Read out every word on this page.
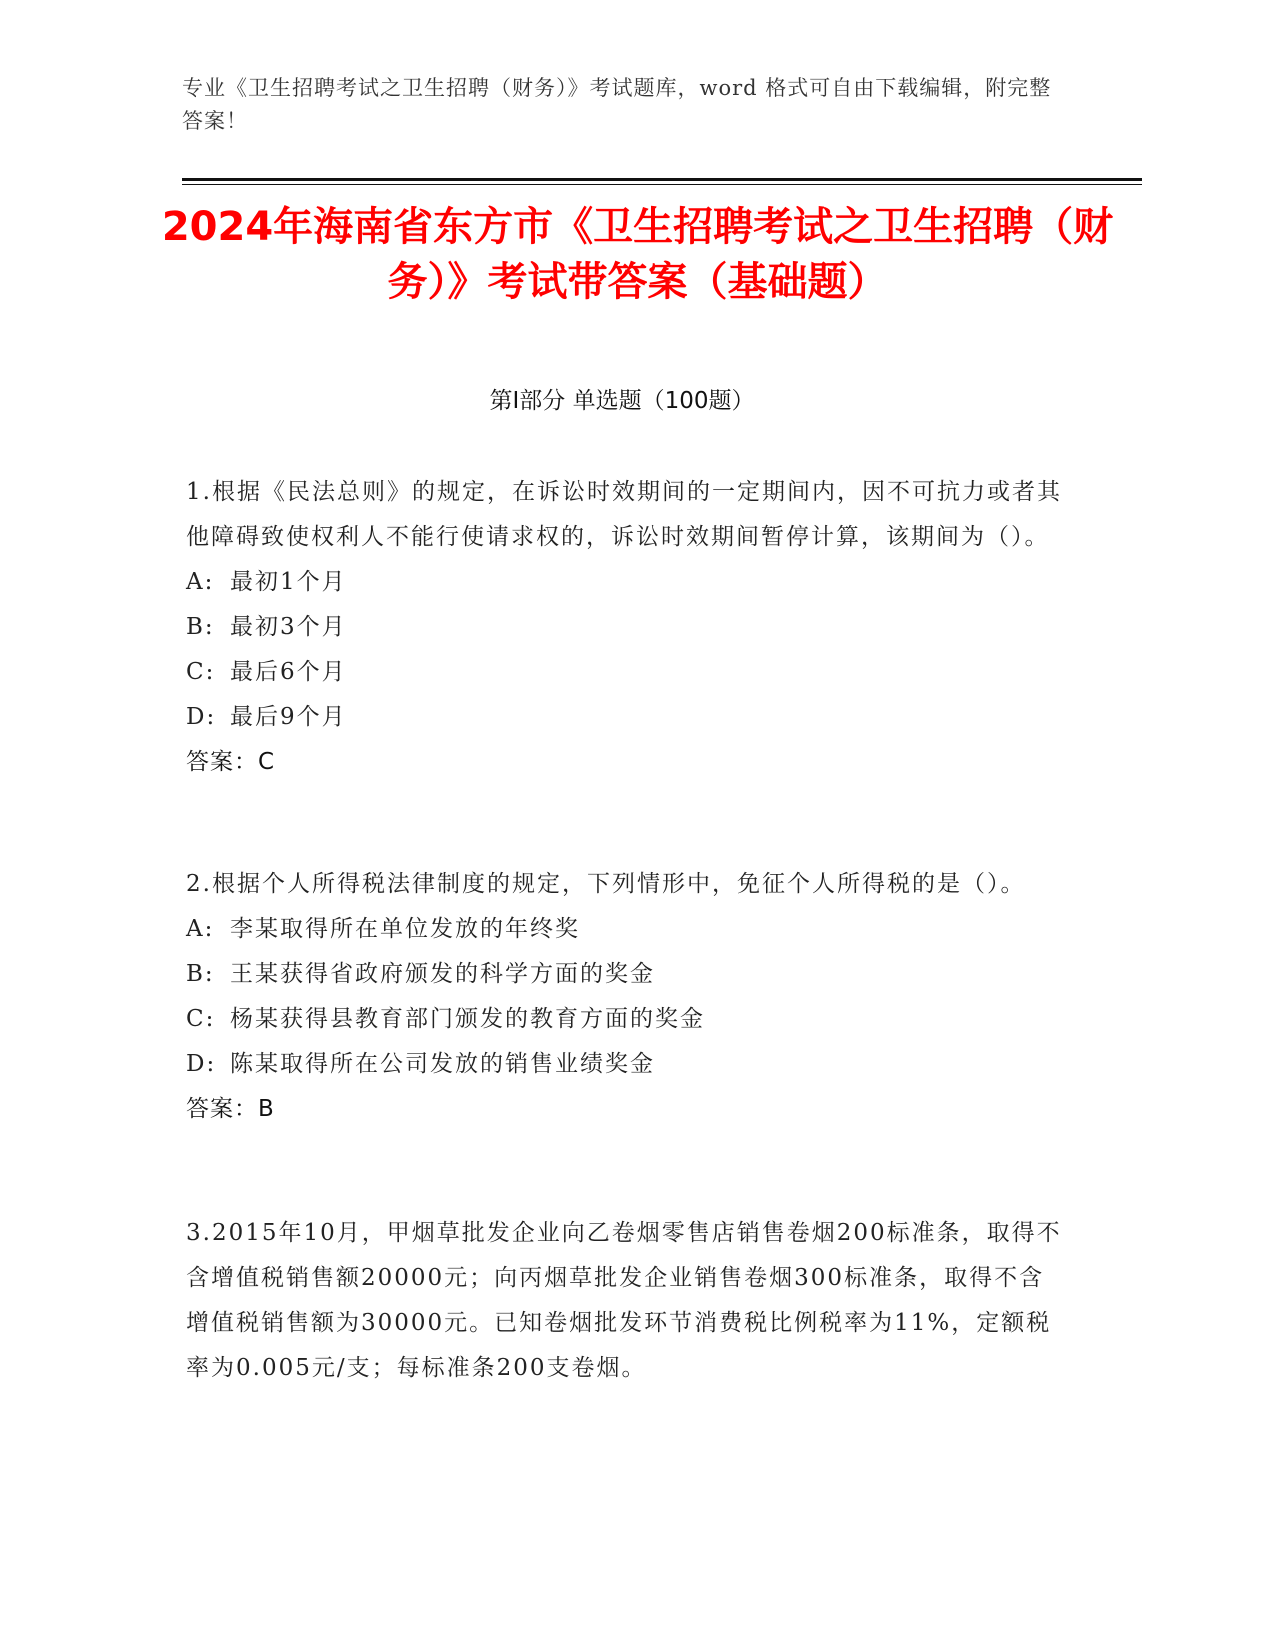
专业《卫生招聘考试之卫生招聘（财务）》考试题库，word 格式可自由下载编辑，附完整答案！
2024年海南省东方市《卫生招聘考试之卫生招聘（财务）》考试带答案（基础题）
第Ⅰ部分 单选题（100题）
1.根据《民法总则》的规定，在诉讼时效期间的一定期间内，因不可抗力或者其他障碍致使权利人不能行使请求权的，诉讼时效期间暂停计算，该期间为（）。
A: 最初1个月
B: 最初3个月
C: 最后6个月
D: 最后9个月
答案：C
2.根据个人所得税法律制度的规定，下列情形中，免征个人所得税的是（）。
A: 李某取得所在单位发放的年终奖
B: 王某获得省政府颁发的科学方面的奖金
C: 杨某获得县教育部门颁发的教育方面的奖金
D: 陈某取得所在公司发放的销售业绩奖金
答案：B
3.2015年10月，甲烟草批发企业向乙卷烟零售店销售卷烟200标准条，取得不含增值税销售额20000元；向丙烟草批发企业销售卷烟300标准条，取得不含增值税销售额为30000元。已知卷烟批发环节消费税比例税率为11%，定额税率为0.005元/支；每标准条200支卷烟。
